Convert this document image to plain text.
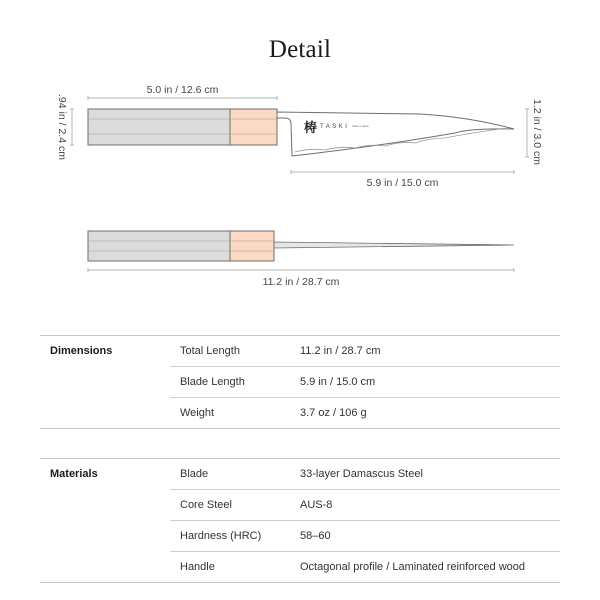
Detail
梼 TASKI Made in Japan
5.0 in / 12.6 cm
.94 in / 2.4 cm	1.2 in / 3.0 cm
5.9 in / 15.0 cm
11.2 in / 28.7 cm
Dimensions	Total Length	11.2 in / 28.7 cm
Blade Length	5.9 in / 15.0 cm
Weight	3.7 oz / 106 g
Materials	Blade	33-layer Damascus Steel
Core Steel	AUS-8
Hardness (HRC)	58–60
Handle	Octagonal profile / Laminated reinforced wood
